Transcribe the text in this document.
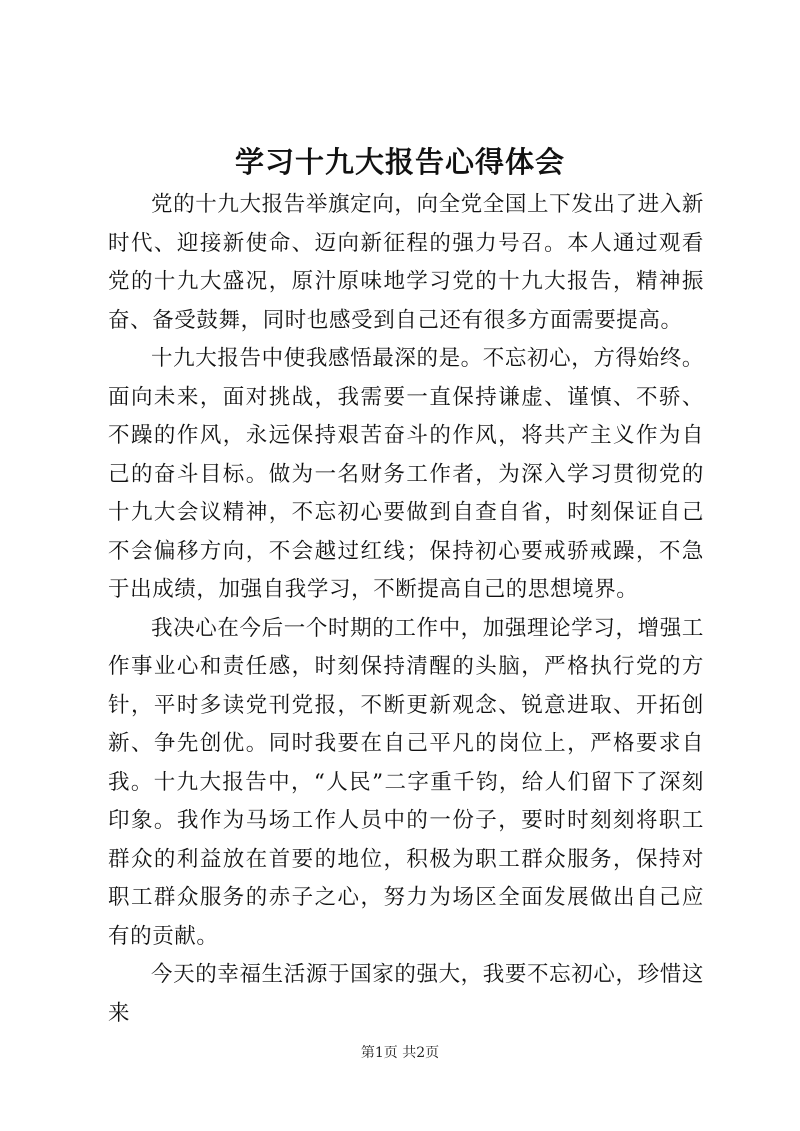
学习十九大报告心得体会

党的十九大报告举旗定向，向全党全国上下发出了进入新时代、迎接新使命、迈向新征程的强力号召。本人通过观看党的十九大盛况，原汁原味地学习党的十九大报告，精神振奋、备受鼓舞，同时也感受到自己还有很多方面需要提高。

十九大报告中使我感悟最深的是。不忘初心，方得始终。面向未来，面对挑战，我需要一直保持谦虚、谨慎、不骄、不躁的作风，永远保持艰苦奋斗的作风，将共产主义作为自己的奋斗目标。做为一名财务工作者，为深入学习贯彻党的十九大会议精神，不忘初心要做到自查自省，时刻保证自己不会偏移方向，不会越过红线；保持初心要戒骄戒躁，不急于出成绩，加强自我学习，不断提高自己的思想境界。

我决心在今后一个时期的工作中，加强理论学习，增强工作事业心和责任感，时刻保持清醒的头脑，严格执行党的方针，平时多读党刊党报，不断更新观念、锐意进取、开拓创新、争先创优。同时我要在自己平凡的岗位上，严格要求自我。十九大报告中，“人民”二字重千钧，给人们留下了深刻印象。我作为马场工作人员中的一份子，要时时刻刻将职工群众的利益放在首要的地位，积极为职工群众服务，保持对职工群众服务的赤子之心，努力为场区全面发展做出自己应有的贡献。

今天的幸福生活源于国家的强大，我要不忘初心，珍惜这来

第1页 共2页
